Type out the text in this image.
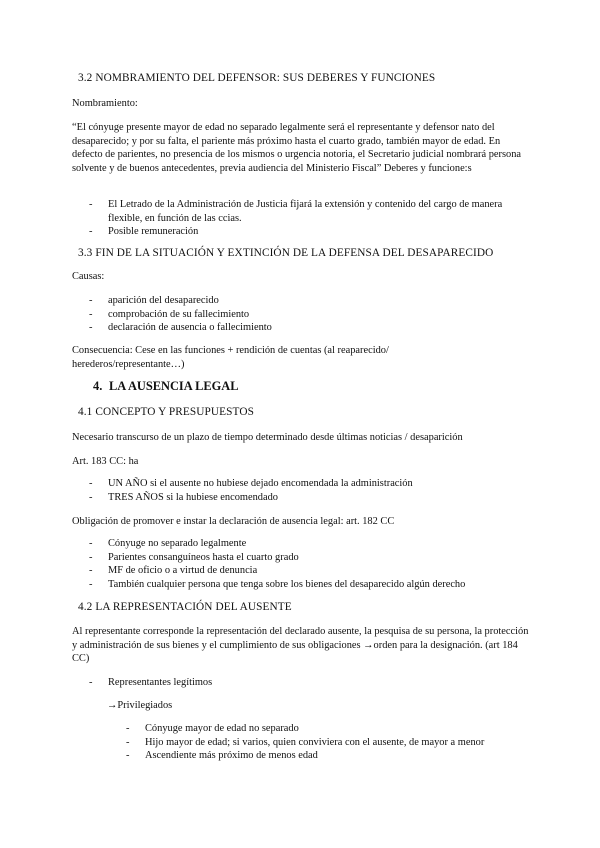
3.2 NOMBRAMIENTO DEL DEFENSOR: SUS DEBERES Y FUNCIONES

Nombramiento:

“El cónyuge presente mayor de edad no separado legalmente será el representante y defensor nato del desaparecido; y por su falta, el pariente más próximo hasta el cuarto grado, también mayor de edad. En defecto de parientes, no presencia de los mismos o urgencia notoria, el Secretario judicial nombrará persona solvente y de buenos antecedentes, previa audiencia del Ministerio Fiscal” Deberes y funcione:s

- El Letrado de la Administración de Justicia fijará la extensión y contenido del cargo de manera flexible, en función de las ccias.
- Posible remuneración
3.3 FIN DE LA SITUACIÓN Y EXTINCIÓN DE LA DEFENSA DEL DESAPARECIDO

Causas:

- aparición del desaparecido
- comprobación de su fallecimiento
- declaración de ausencia o fallecimiento

Consecuencia: Cese en las funciones + rendición de cuentas (al reaparecido/ herederos/representante…)

4. LA AUSENCIA LEGAL
4.1 CONCEPTO Y PRESUPUESTOS

Necesario transcurso de un plazo de tiempo determinado desde últimas noticias / desaparición

Art. 183 CC: ha

- UN AÑO si el ausente no hubiese dejado encomendada la administración
- TRES AÑOS si la hubiese encomendado

Obligación de promover e instar la declaración de ausencia legal: art. 182 CC

- Cónyuge no separado legalmente
- Parientes consanguíneos hasta el cuarto grado
- MF de oficio o a virtud de denuncia
- También cualquier persona que tenga sobre los bienes del desaparecido algún derecho
4.2 LA REPRESENTACIÓN DEL AUSENTE

Al representante corresponde la representación del declarado ausente, la pesquisa de su persona, la protección y administración de sus bienes y el cumplimiento de sus obligaciones →orden para la designación. (art 184 CC)

- Representantes legítimos
→Privilegiados
- Cónyuge mayor de edad no separado
- Hijo mayor de edad; si varios, quien conviviera con el ausente, de mayor a menor
- Ascendiente más próximo de menos edad
